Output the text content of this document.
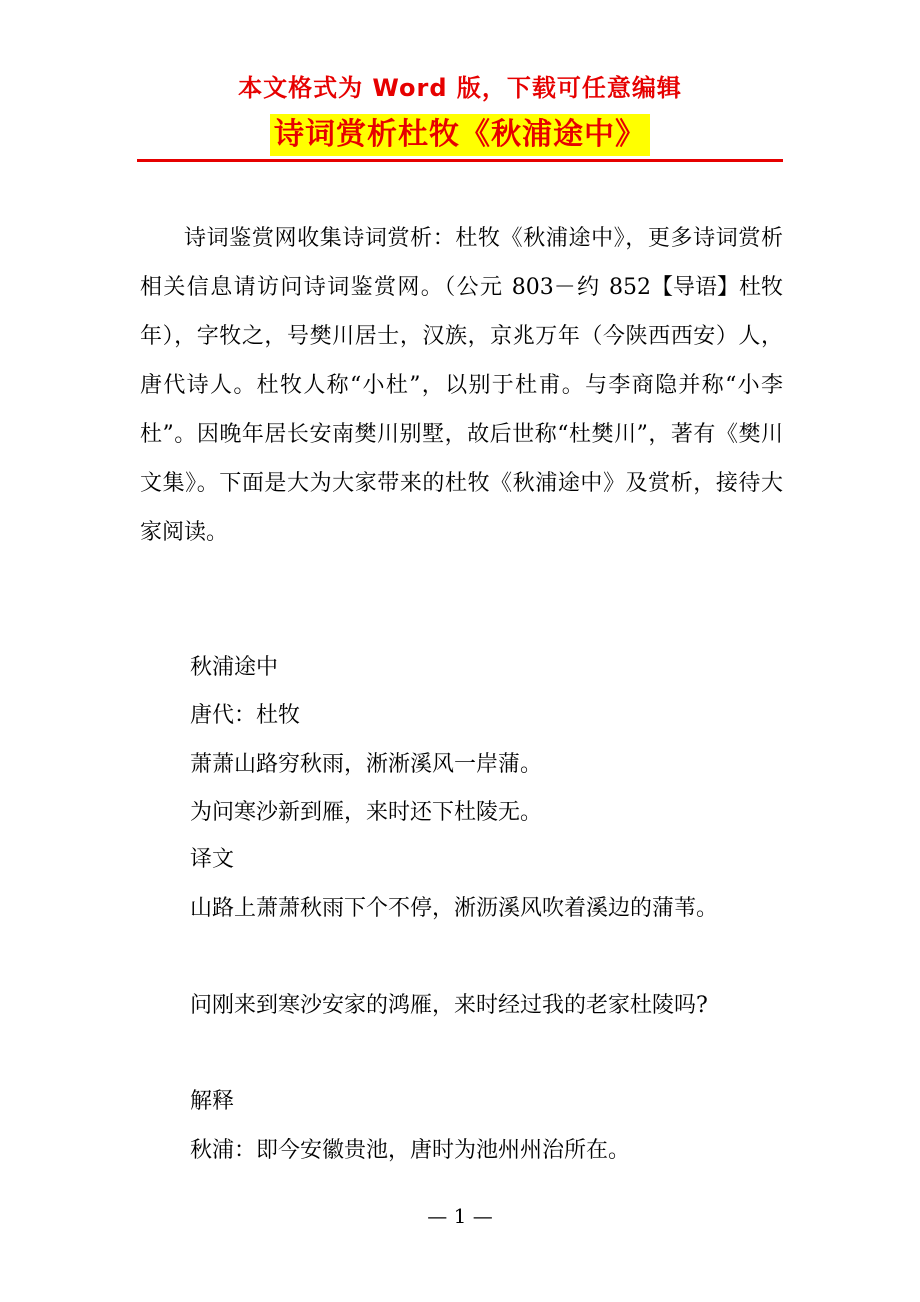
本文格式为 Word 版，下载可任意编辑
诗词赏析杜牧《秋浦途中》
诗词鉴赏网收集诗词赏析：杜牧《秋浦途中》，更多诗词赏析相关信息请访问诗词鉴赏网。	【导语】杜牧
（公元 803－约 852 年），字牧之，号樊川居士，汉族，京兆万年（今陕西西安）人，唐代诗人。杜牧人称“小杜”，以别于杜甫。与李商隐并称“小李杜”。因晚年居长安南樊川别墅，故后世称“杜樊川”，著有《樊川文集》。下面是大为大家带来的杜牧《秋浦途中》及赏析，接待大家阅读。
秋浦途中
唐代：杜牧
萧萧山路穷秋雨，淅淅溪风一岸蒲。
为问寒沙新到雁，来时还下杜陵无。
译文
山路上萧萧秋雨下个不停，淅沥溪风吹着溪边的蒲苇。
问刚来到寒沙安家的鸿雁，来时经过我的老家杜陵吗?
解释
秋浦：即今安徽贵池，唐时为池州州治所在。
— 1 —
